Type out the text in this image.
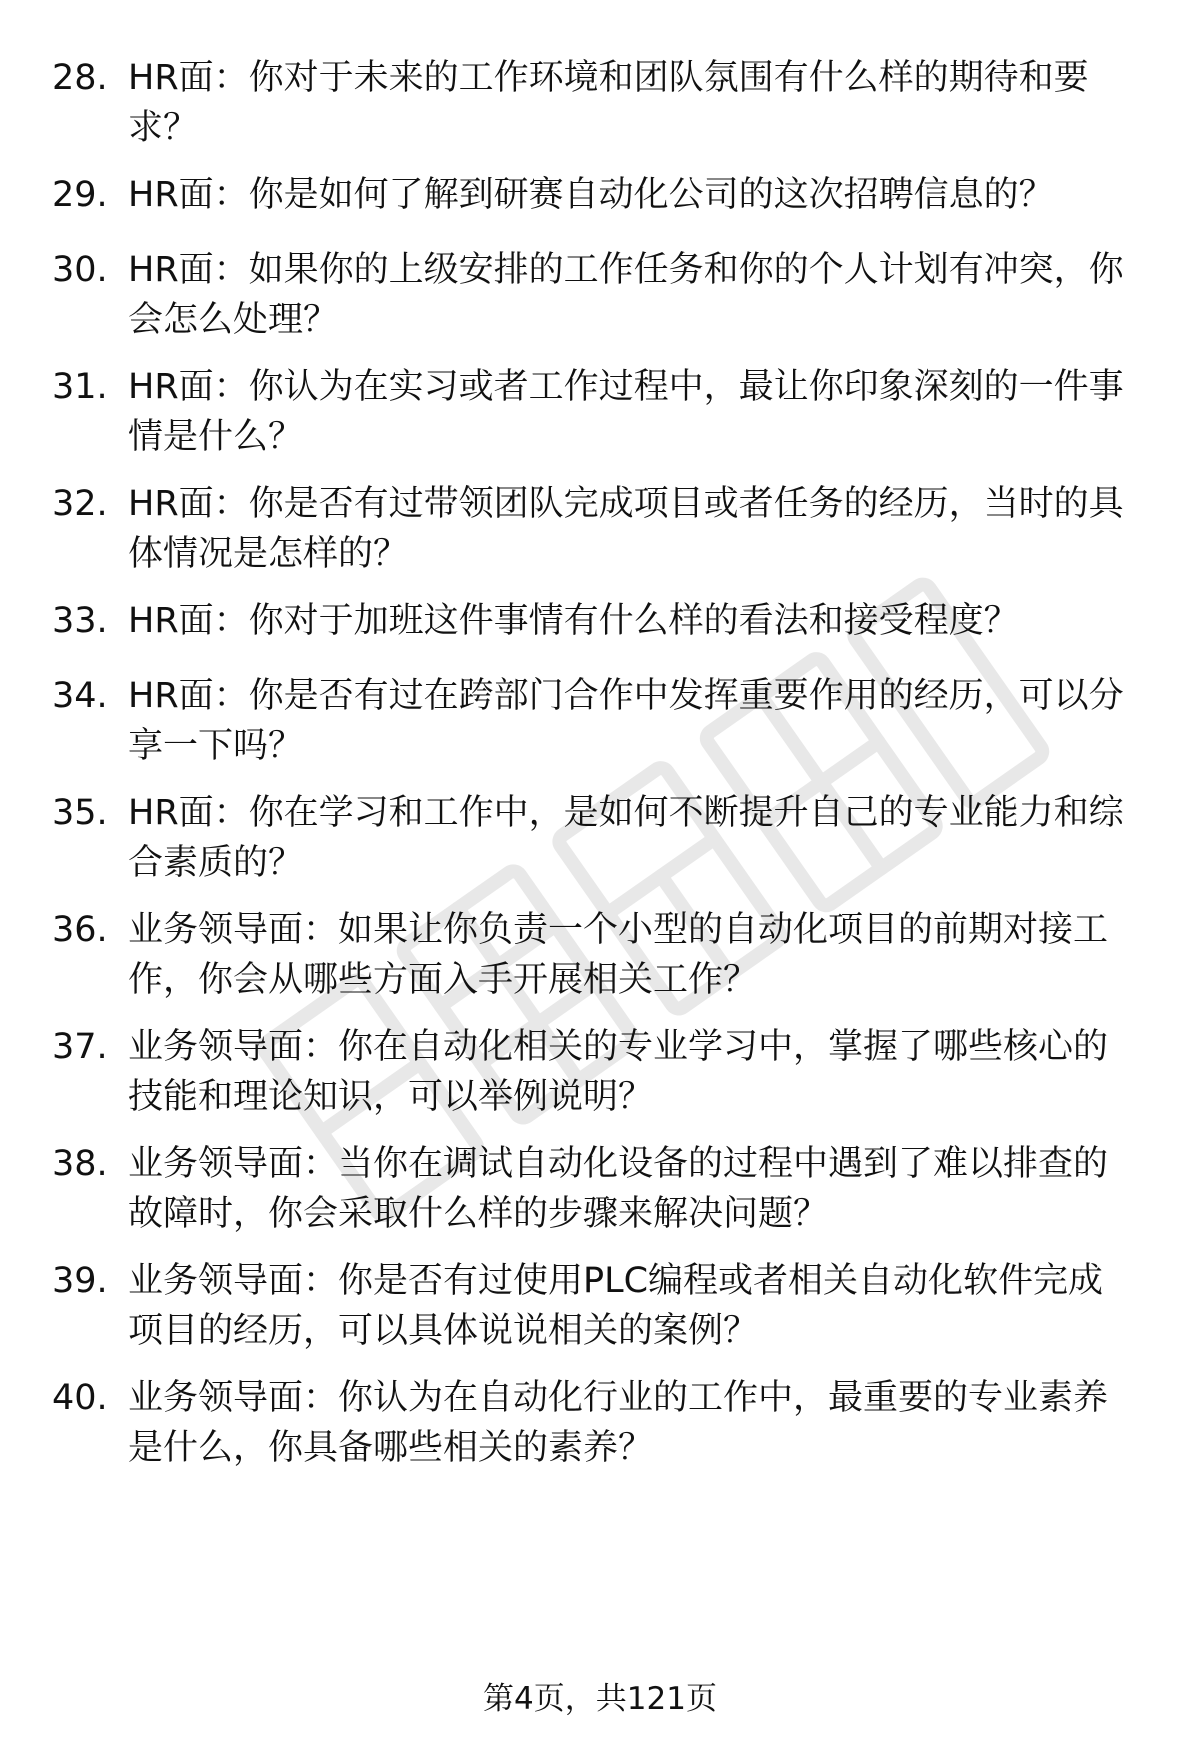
28. HR面：你对于未来的工作环境和团队氛围有什么样的期待和要
求？
29. HR面：你是如何了解到研赛自动化公司的这次招聘信息的？
30. HR面：如果你的上级安排的工作任务和你的个人计划有冲突，你
会怎么处理？
31. HR面：你认为在实习或者工作过程中，最让你印象深刻的一件事
情是什么？
32. HR面：你是否有过带领团队完成项目或者任务的经历，当时的具
体情况是怎样的？
33. HR面：你对于加班这件事情有什么样的看法和接受程度？
34. HR面：你是否有过在跨部门合作中发挥重要作用的经历，可以分
享一下吗？
35. HR面：你在学习和工作中，是如何不断提升自己的专业能力和综
合素质的？
36. 业务领导面：如果让你负责一个小型的自动化项目的前期对接工
作，你会从哪些方面入手开展相关工作？
37. 业务领导面：你在自动化相关的专业学习中，掌握了哪些核心的
技能和理论知识，可以举例说明？
38. 业务领导面：当你在调试自动化设备的过程中遇到了难以排查的
故障时，你会采取什么样的步骤来解决问题？
39. 业务领导面：你是否有过使用PLC编程或者相关自动化软件完成
项目的经历，可以具体说说相关的案例？
40. 业务领导面：你认为在自动化行业的工作中，最重要的专业素养
是什么，你具备哪些相关的素养？
第4页，共121页
